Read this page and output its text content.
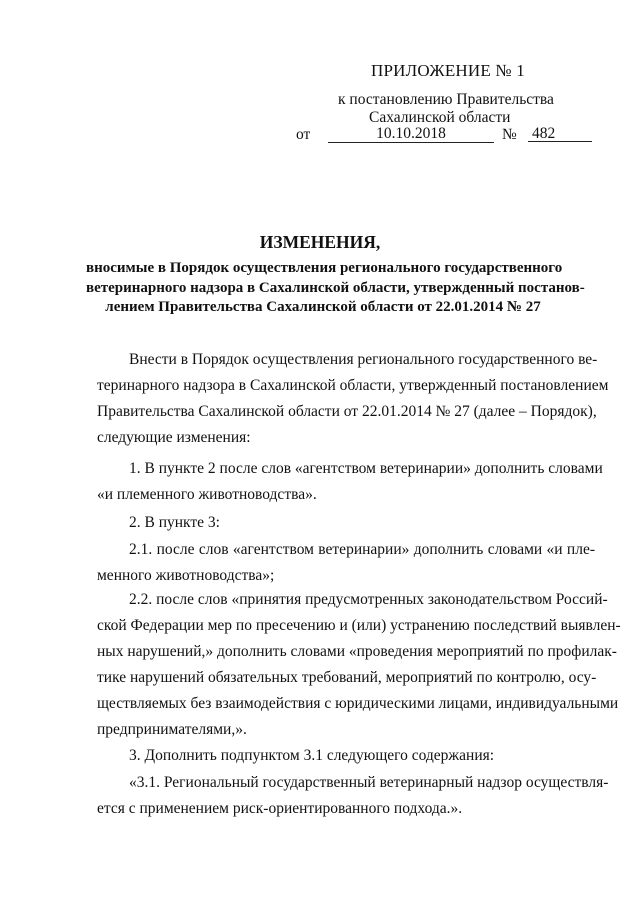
ПРИЛОЖЕНИЕ № 1
к постановлению Правительства
Сахалинской области
от	10.10.2018	№ 482
ИЗМЕНЕНИЯ,
вносимые в Порядок осуществления регионального государственного
ветеринарного надзора в Сахалинской области, утвержденный постанов-
лением Правительства Сахалинской области от 22.01.2014 № 27
Внести в Порядок осуществления регионального государственного ве-
теринарного надзора в Сахалинской области, утвержденный постановлением
Правительства Сахалинской области от 22.01.2014 № 27 (далее – Порядок),
следующие изменения:
1. В пункте 2 после слов «агентством ветеринарии» дополнить словами
«и племенного животноводства».
2. В пункте 3:
2.1. после слов «агентством ветеринарии» дополнить словами «и пле-
менного животноводства»;
2.2. после слов «принятия предусмотренных законодательством Россий-
ской Федерации мер по пресечению и (или) устранению последствий выявлен-
ных нарушений,» дополнить словами «проведения мероприятий по профилак-
тике нарушений обязательных требований, мероприятий по контролю, осу-
ществляемых без взаимодействия с юридическими лицами, индивидуальными
предпринимателями,».
3. Дополнить подпунктом 3.1 следующего содержания:
«3.1. Региональный государственный ветеринарный надзор осуществля-
ется с применением риск-ориентированного подхода.».
